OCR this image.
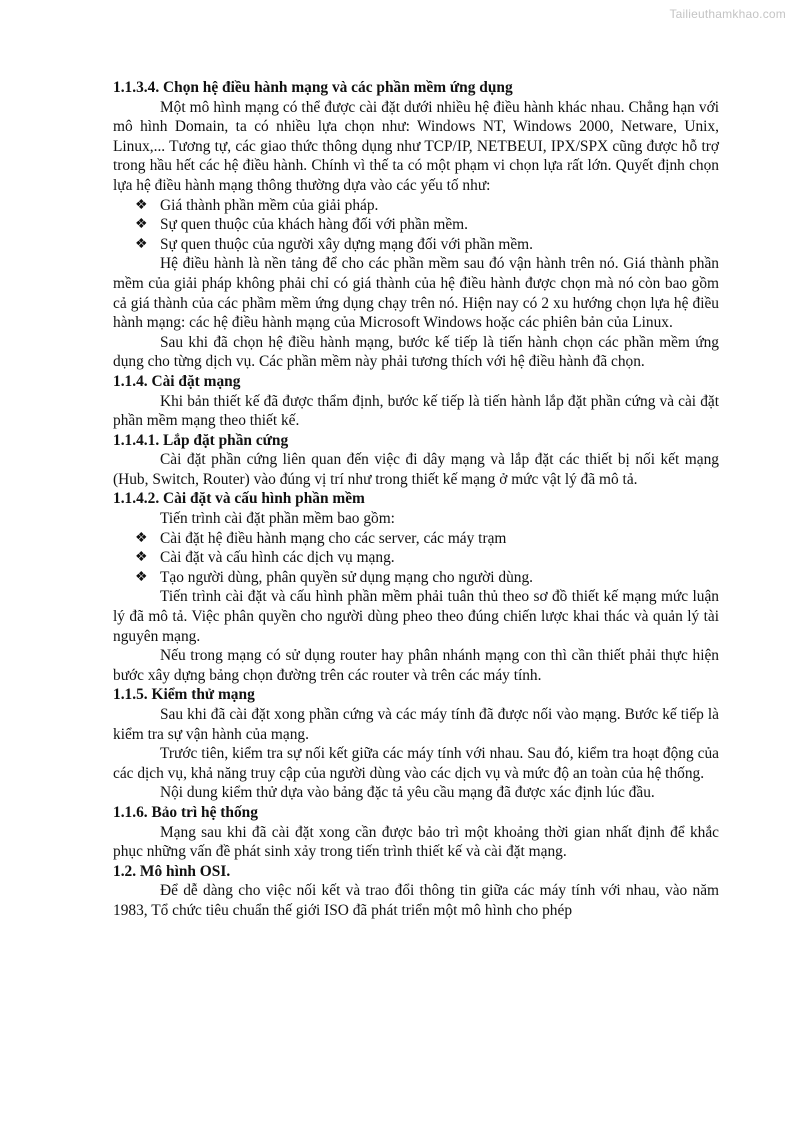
Tailieuthamkhao.com

1.1.3.4. Chọn hệ điều hành mạng và các phần mềm ứng dụng

Một mô hình mạng có thể được cài đặt dưới nhiều hệ điều hành khác nhau. Chẳng hạn với mô hình Domain, ta có nhiều lựa chọn như: Windows NT, Windows 2000, Netware, Unix, Linux,... Tương tự, các giao thức thông dụng như TCP/IP, NETBEUI, IPX/SPX cũng được hỗ trợ trong hầu hết các hệ điều hành. Chính vì thế ta có một phạm vi chọn lựa rất lớn. Quyết định chọn lựa hệ điều hành mạng thông thường dựa vào các yếu tố như:

❖ Giá thành phần mềm của giải pháp.
❖ Sự quen thuộc của khách hàng đối với phần mềm.
❖ Sự quen thuộc của người xây dựng mạng đối với phần mềm.

Hệ điều hành là nền tảng để cho các phần mềm sau đó vận hành trên nó. Giá thành phần mềm của giải pháp không phải chỉ có giá thành của hệ điều hành được chọn mà nó còn bao gồm cả giá thành của các phầm mềm ứng dụng chạy trên nó. Hiện nay có 2 xu hướng chọn lựa hệ điều hành mạng: các hệ điều hành mạng của Microsoft Windows hoặc các phiên bản của Linux.

Sau khi đã chọn hệ điều hành mạng, bước kế tiếp là tiến hành chọn các phần mềm ứng dụng cho từng dịch vụ. Các phần mềm này phải tương thích với hệ điều hành đã chọn.

1.1.4. Cài đặt mạng

Khi bản thiết kế đã được thẩm định, bước kế tiếp là tiến hành lắp đặt phần cứng và cài đặt phần mềm mạng theo thiết kế.

1.1.4.1. Lắp đặt phần cứng

Cài đặt phần cứng liên quan đến việc đi dây mạng và lắp đặt các thiết bị nối kết mạng (Hub, Switch, Router) vào đúng vị trí như trong thiết kế mạng ở mức vật lý đã mô tả.

1.1.4.2. Cài đặt và cấu hình phần mềm

Tiến trình cài đặt phần mềm bao gồm:

❖ Cài đặt hệ điều hành mạng cho các server, các máy trạm
❖ Cài đặt và cấu hình các dịch vụ mạng.
❖ Tạo người dùng, phân quyền sử dụng mạng cho người dùng.

Tiến trình cài đặt và cấu hình phần mềm phải tuân thủ theo sơ đồ thiết kế mạng mức luận lý đã mô tả. Việc phân quyền cho người dùng pheo theo đúng chiến lược khai thác và quản lý tài nguyên mạng.

Nếu trong mạng có sử dụng router hay phân nhánh mạng con thì cần thiết phải thực hiện bước xây dựng bảng chọn đường trên các router và trên các máy tính.

1.1.5. Kiểm thử mạng

Sau khi đã cài đặt xong phần cứng và các máy tính đã được nối vào mạng. Bước kế tiếp là kiểm tra sự vận hành của mạng.

Trước tiên, kiểm tra sự nối kết giữa các máy tính với nhau. Sau đó, kiểm tra hoạt động của các dịch vụ, khả năng truy cập của người dùng vào các dịch vụ và mức độ an toàn của hệ thống.

Nội dung kiểm thử dựa vào bảng đặc tả yêu cầu mạng đã được xác định lúc đầu.

1.1.6. Bảo trì hệ thống

Mạng sau khi đã cài đặt xong cần được bảo trì một khoảng thời gian nhất định để khắc phục những vấn đề phát sinh xảy trong tiến trình thiết kế và cài đặt mạng.

1.2. Mô hình OSI.

Để dễ dàng cho việc nối kết và trao đổi thông tin giữa các máy tính với nhau, vào năm 1983, Tổ chức tiêu chuẩn thế giới ISO đã phát triển một mô hình cho phép
